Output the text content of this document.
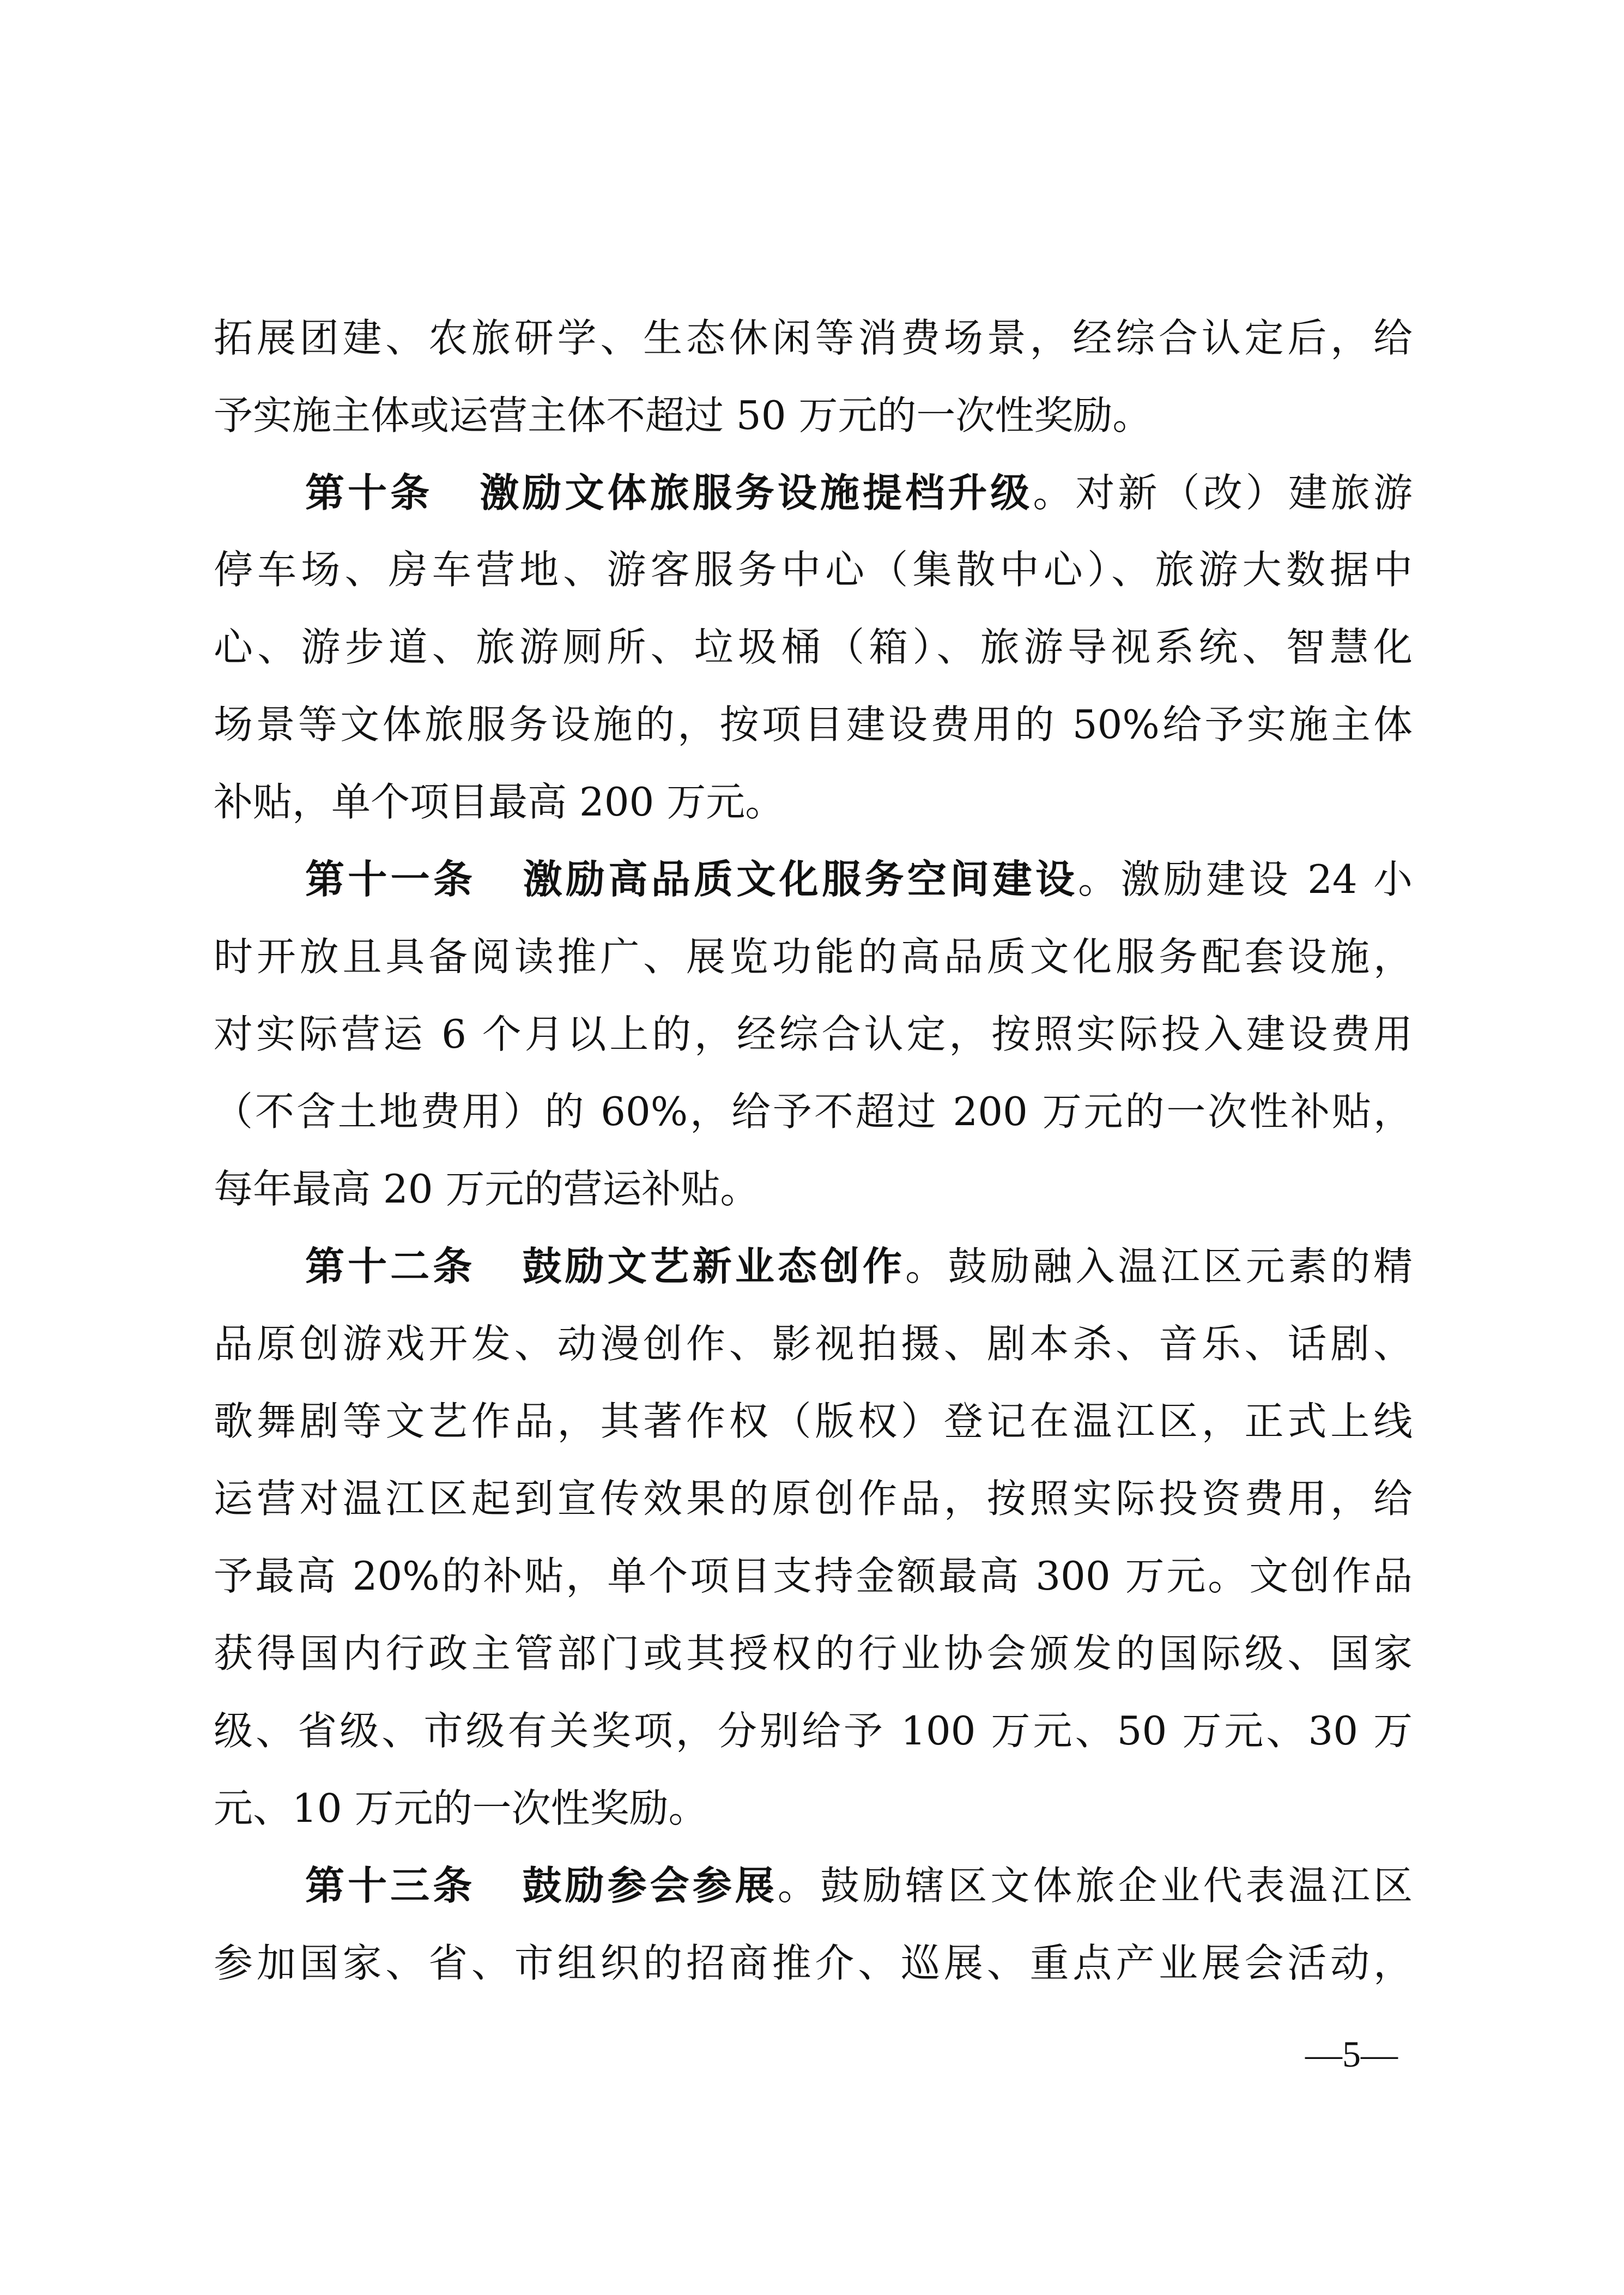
拓展团建、农旅研学、生态休闲等消费场景，经综合认定后，给
予实施主体或运营主体不超过 50 万元的一次性奖励。
第十条 激励文体旅服务设施提档升级。对新（改）建旅游
停车场、房车营地、游客服务中心（集散中心）、旅游大数据中
心、游步道、旅游厕所、垃圾桶（箱）、旅游导视系统、智慧化
场景等文体旅服务设施的，按项目建设费用的 50%给予实施主体
补贴，单个项目最高 200 万元。
第十一条 激励高品质文化服务空间建设。激励建设 24 小
时开放且具备阅读推广、展览功能的高品质文化服务配套设施，
对实际营运 6 个月以上的，经综合认定，按照实际投入建设费用
（不含土地费用）的 60%，给予不超过 200 万元的一次性补贴，
每年最高 20 万元的营运补贴。
第十二条 鼓励文艺新业态创作。鼓励融入温江区元素的精
品原创游戏开发、动漫创作、影视拍摄、剧本杀、音乐、话剧、
歌舞剧等文艺作品，其著作权（版权）登记在温江区，正式上线
运营对温江区起到宣传效果的原创作品，按照实际投资费用，给
予最高 20%的补贴，单个项目支持金额最高 300 万元。文创作品
获得国内行政主管部门或其授权的行业协会颁发的国际级、国家
级、省级、市级有关奖项，分别给予 100 万元、50 万元、30 万
元、10 万元的一次性奖励。
第十三条 鼓励参会参展。鼓励辖区文体旅企业代表温江区
参加国家、省、市组织的招商推介、巡展、重点产业展会活动，
—5—
